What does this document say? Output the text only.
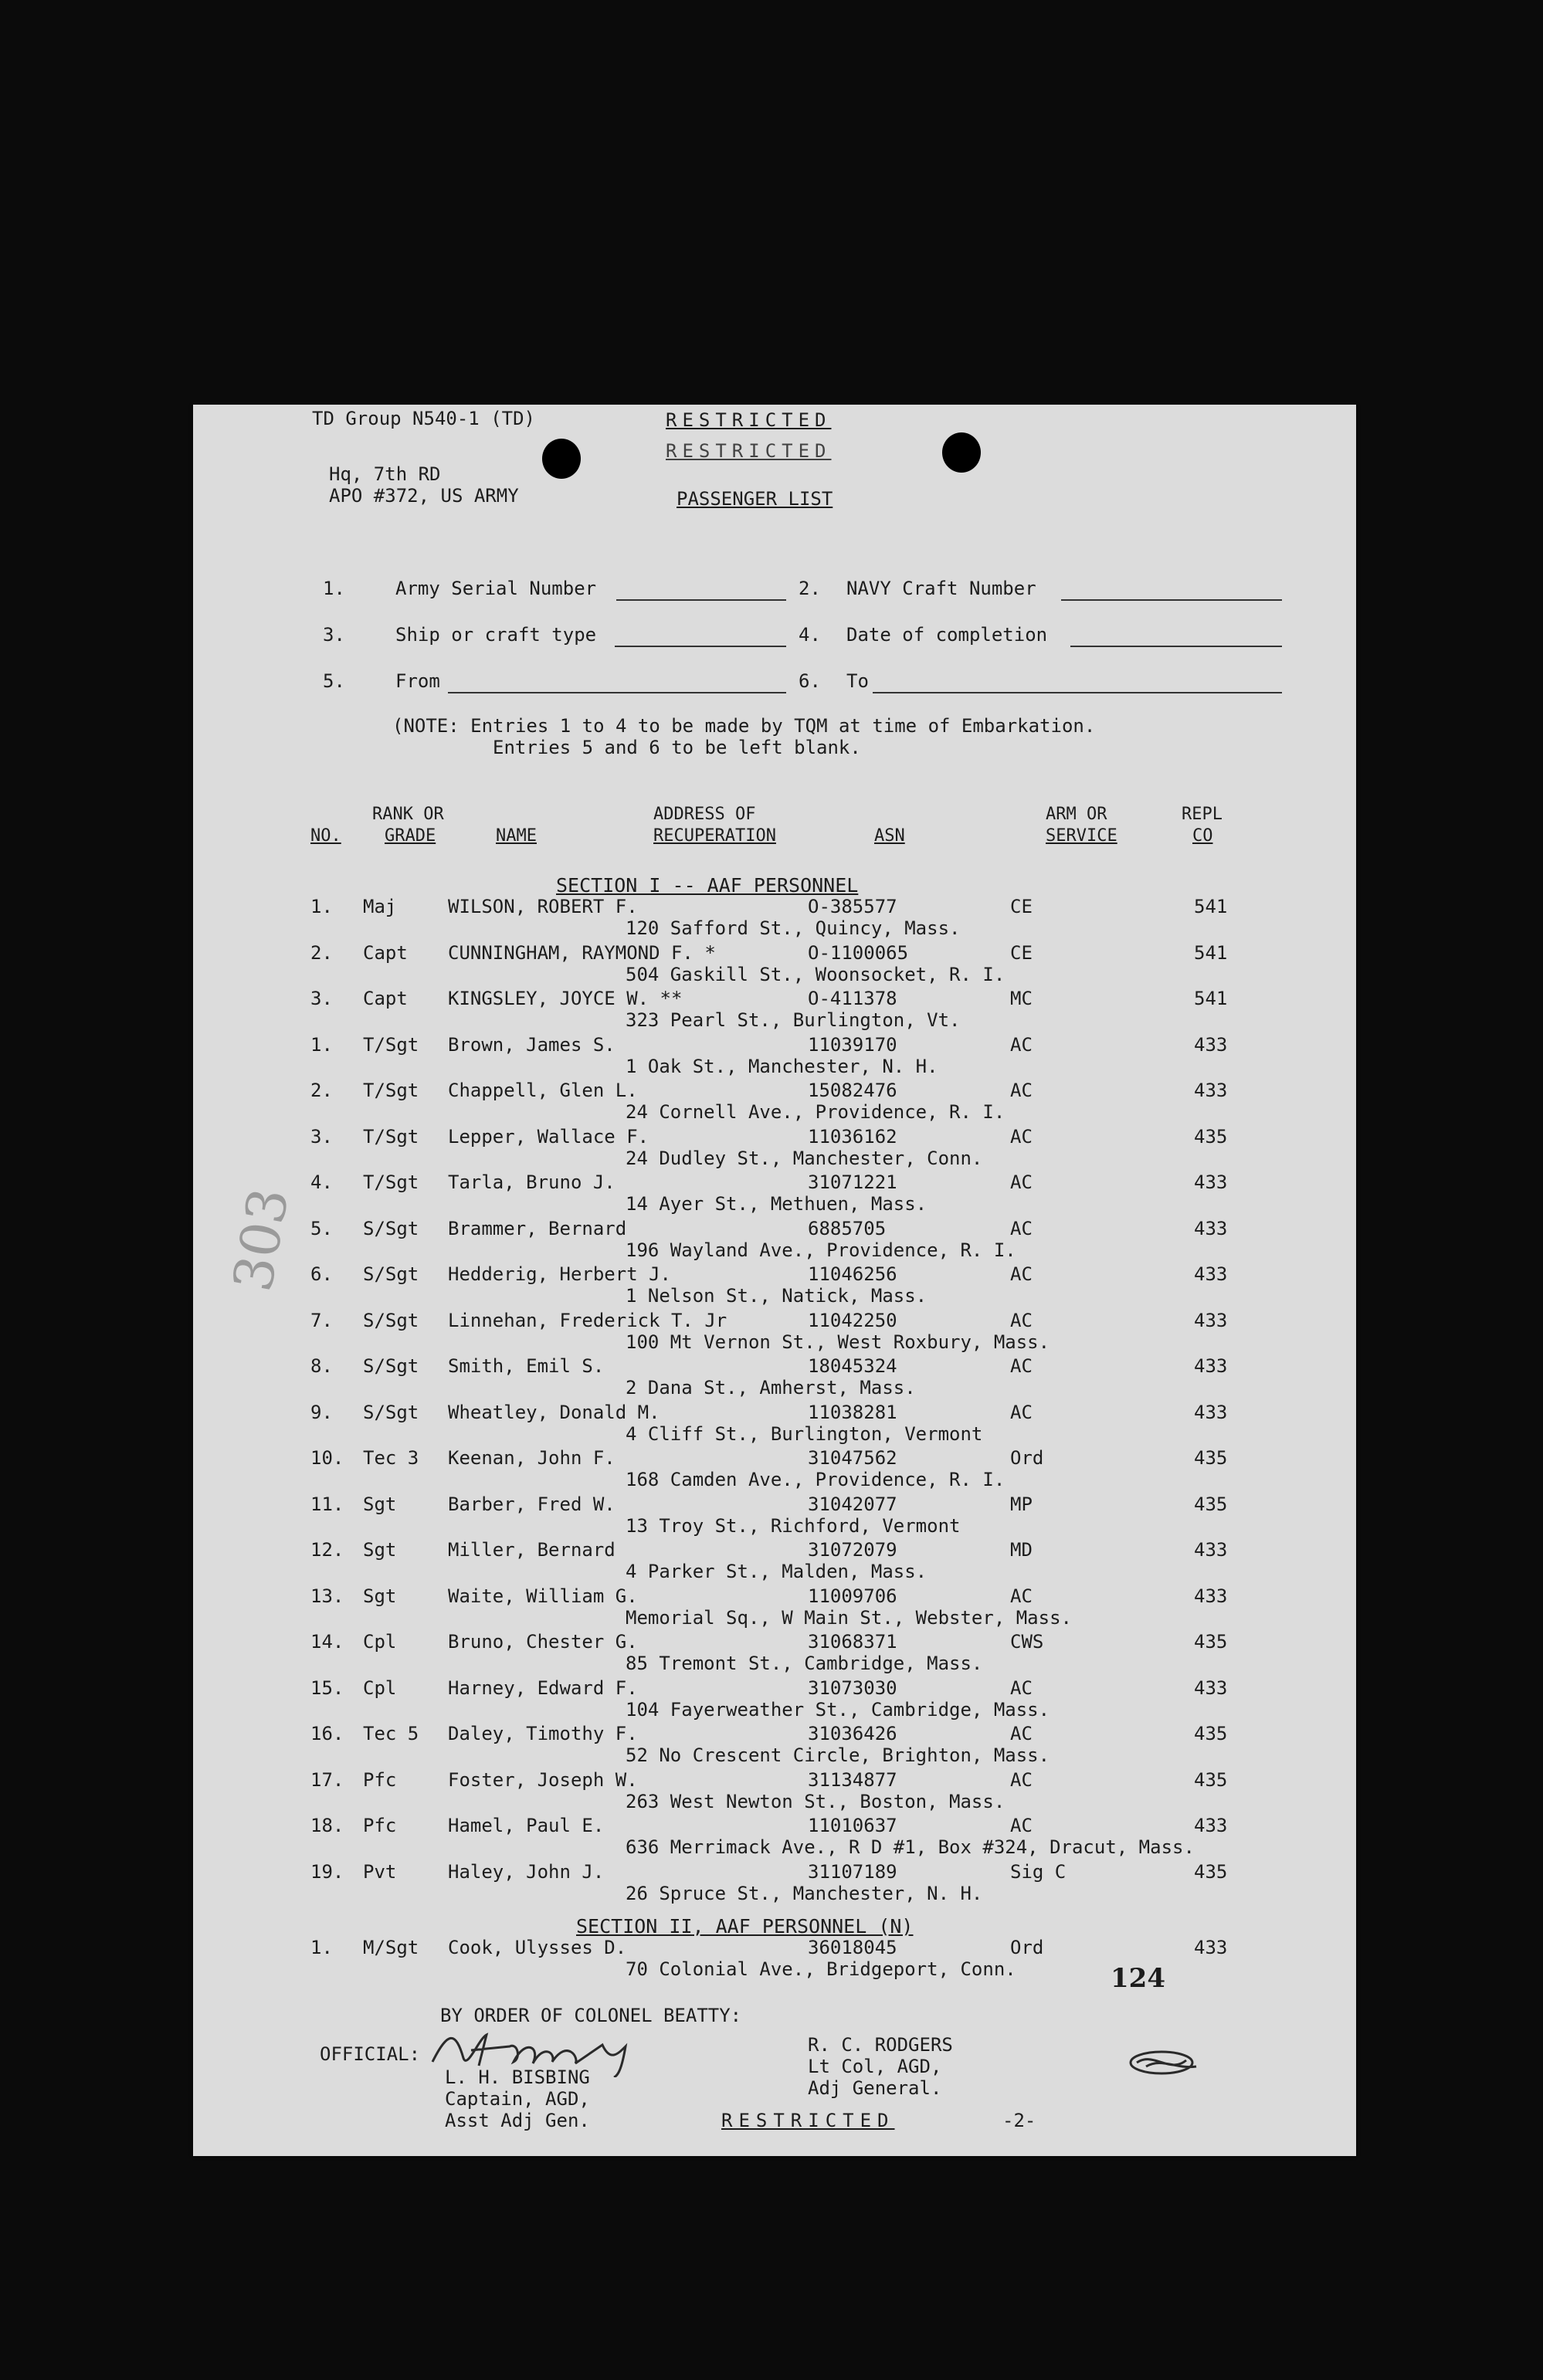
TD Group N540-1 (TD)	RESTRICTED
RESTRICTED
Hq, 7th RD
APO #372, US ARMY	PASSENGER LIST
1.	Army Serial Number	2. NAVY Craft Number
3.	Ship or craft type	4. Date of completion
5.	From	6. To
(NOTE: Entries 1 to 4 to be made by TQM at time of Embarkation.
Entries 5 and 6 to be left blank.
RANK OR	ADDRESS OF	ARM OR	REPL
NO.	GRADE	NAME	RECUPERATION	ASN	SERVICE	CO
SECTION I -- AAF PERSONNEL
1. Maj	WILSON, ROBERT F.	O-385577	CE	541
120 Safford St., Quincy, Mass.
2. Capt CUNNINGHAM, RAYMOND F. *	O-1100065	CE	541
504 Gaskill St., Woonsocket, R. I.
3. Capt KINGSLEY, JOYCE W. **	O-411378	MC	541
323 Pearl St., Burlington, Vt.
1. T/Sgt Brown, James S.	11039170	AC	433
1 Oak St., Manchester, N. H.
2. T/Sgt Chappell, Glen L.	15082476	AC	433
24 Cornell Ave., Providence, R. I.
3. T/Sgt Lepper, Wallace F.	11036162	AC	435
24 Dudley St., Manchester, Conn.
4. T/Sgt Tarla, Bruno J.	31071221	AC	433
14 Ayer St., Methuen, Mass.
5. S/Sgt Brammer, Bernard	6885705	AC	433
196 Wayland Ave., Providence, R. I.
6. S/Sgt Hedderig, Herbert J.	11046256	AC	433
1 Nelson St., Natick, Mass.
7. S/Sgt Linnehan, Frederick T. Jr	11042250	AC	433
100 Mt Vernon St., West Roxbury, Mass.
8. S/Sgt Smith, Emil S.	18045324	AC	433
2 Dana St., Amherst, Mass.
9. S/Sgt Wheatley, Donald M.	11038281	AC	433
4 Cliff St., Burlington, Vermont
10. Tec 3 Keenan, John F.	31047562	Ord	435
168 Camden Ave., Providence, R. I.
11. Sgt	Barber, Fred W.	31042077	MP	435
13 Troy St., Richford, Vermont
12. Sgt	Miller, Bernard	31072079	MD	433
4 Parker St., Malden, Mass.
13. Sgt	Waite, William G.	11009706	AC	433
Memorial Sq., W Main St., Webster, Mass.
14. Cpl	Bruno, Chester G.	31068371	CWS	435
85 Tremont St., Cambridge, Mass.
15. Cpl	Harney, Edward F.	31073030	AC	433
104 Fayerweather St., Cambridge, Mass.
16. Tec 5 Daley, Timothy F.	31036426	AC	435
52 No Crescent Circle, Brighton, Mass.
17. Pfc	Foster, Joseph W.	31134877	AC	435
263 West Newton St., Boston, Mass.
18. Pfc	Hamel, Paul E.	11010637	AC	433
636 Merrimack Ave., R D #1, Box #324, Dracut, Mass.
19. Pvt	Haley, John J.	31107189	Sig C	435
26 Spruce St., Manchester, N. H.
SECTION II, AAF PERSONNEL (N)
1. M/Sgt Cook, Ulysses D.	36018045	Ord	433
70 Colonial Ave., Bridgeport, Conn.	124
303
BY ORDER OF COLONEL BEATTY:
OFFICIAL:
L. H. BISBING
Captain, AGD,
Asst Adj Gen.
R. C. RODGERS
Lt Col, AGD,
Adj General.
RESTRICTED	-2-
